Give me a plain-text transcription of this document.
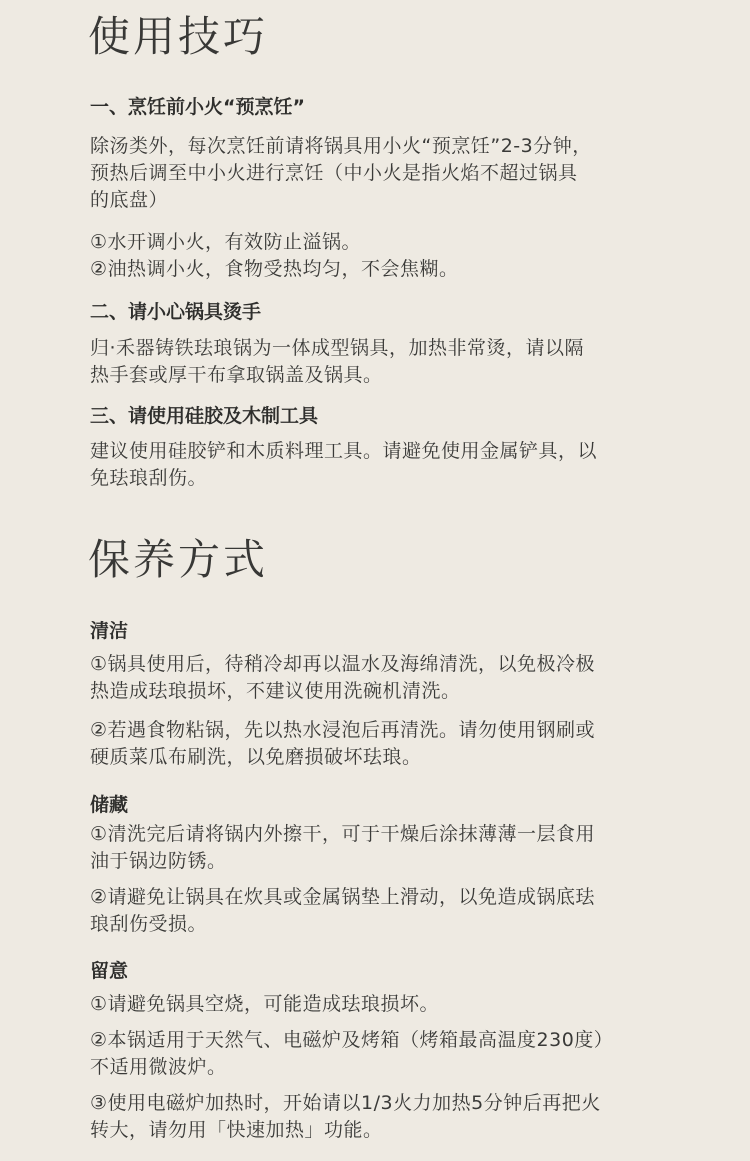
使用技巧
一、烹饪前小火“预烹饪”
除汤类外，每次烹饪前请将锅具用小火“预烹饪”2-3分钟，
预热后调至中小火进行烹饪（中小火是指火焰不超过锅具
的底盘）
①水开调小火，有效防止溢锅。
②油热调小火，食物受热均匀，不会焦糊。
二、请小心锅具烫手
归·禾器铸铁珐琅锅为一体成型锅具，加热非常烫，请以隔
热手套或厚干布拿取锅盖及锅具。
三、请使用硅胶及木制工具
建议使用硅胶铲和木质料理工具。请避免使用金属铲具，以
免珐琅刮伤。
保养方式
清洁
①锅具使用后，待稍冷却再以温水及海绵清洗，以免极冷极
热造成珐琅损坏，不建议使用洗碗机清洗。
②若遇食物粘锅，先以热水浸泡后再清洗。请勿使用钢刷或
硬质菜瓜布刷洗，以免磨损破坏珐琅。
储藏
①清洗完后请将锅内外擦干，可于干燥后涂抹薄薄一层食用
油于锅边防锈。
②请避免让锅具在炊具或金属锅垫上滑动，以免造成锅底珐
琅刮伤受损。
留意
①请避免锅具空烧，可能造成珐琅损坏。
②本锅适用于天然气、电磁炉及烤箱（烤箱最高温度230度）
不适用微波炉。
③使用电磁炉加热时，开始请以1/3火力加热5分钟后再把火
转大，请勿用「快速加热」功能。
